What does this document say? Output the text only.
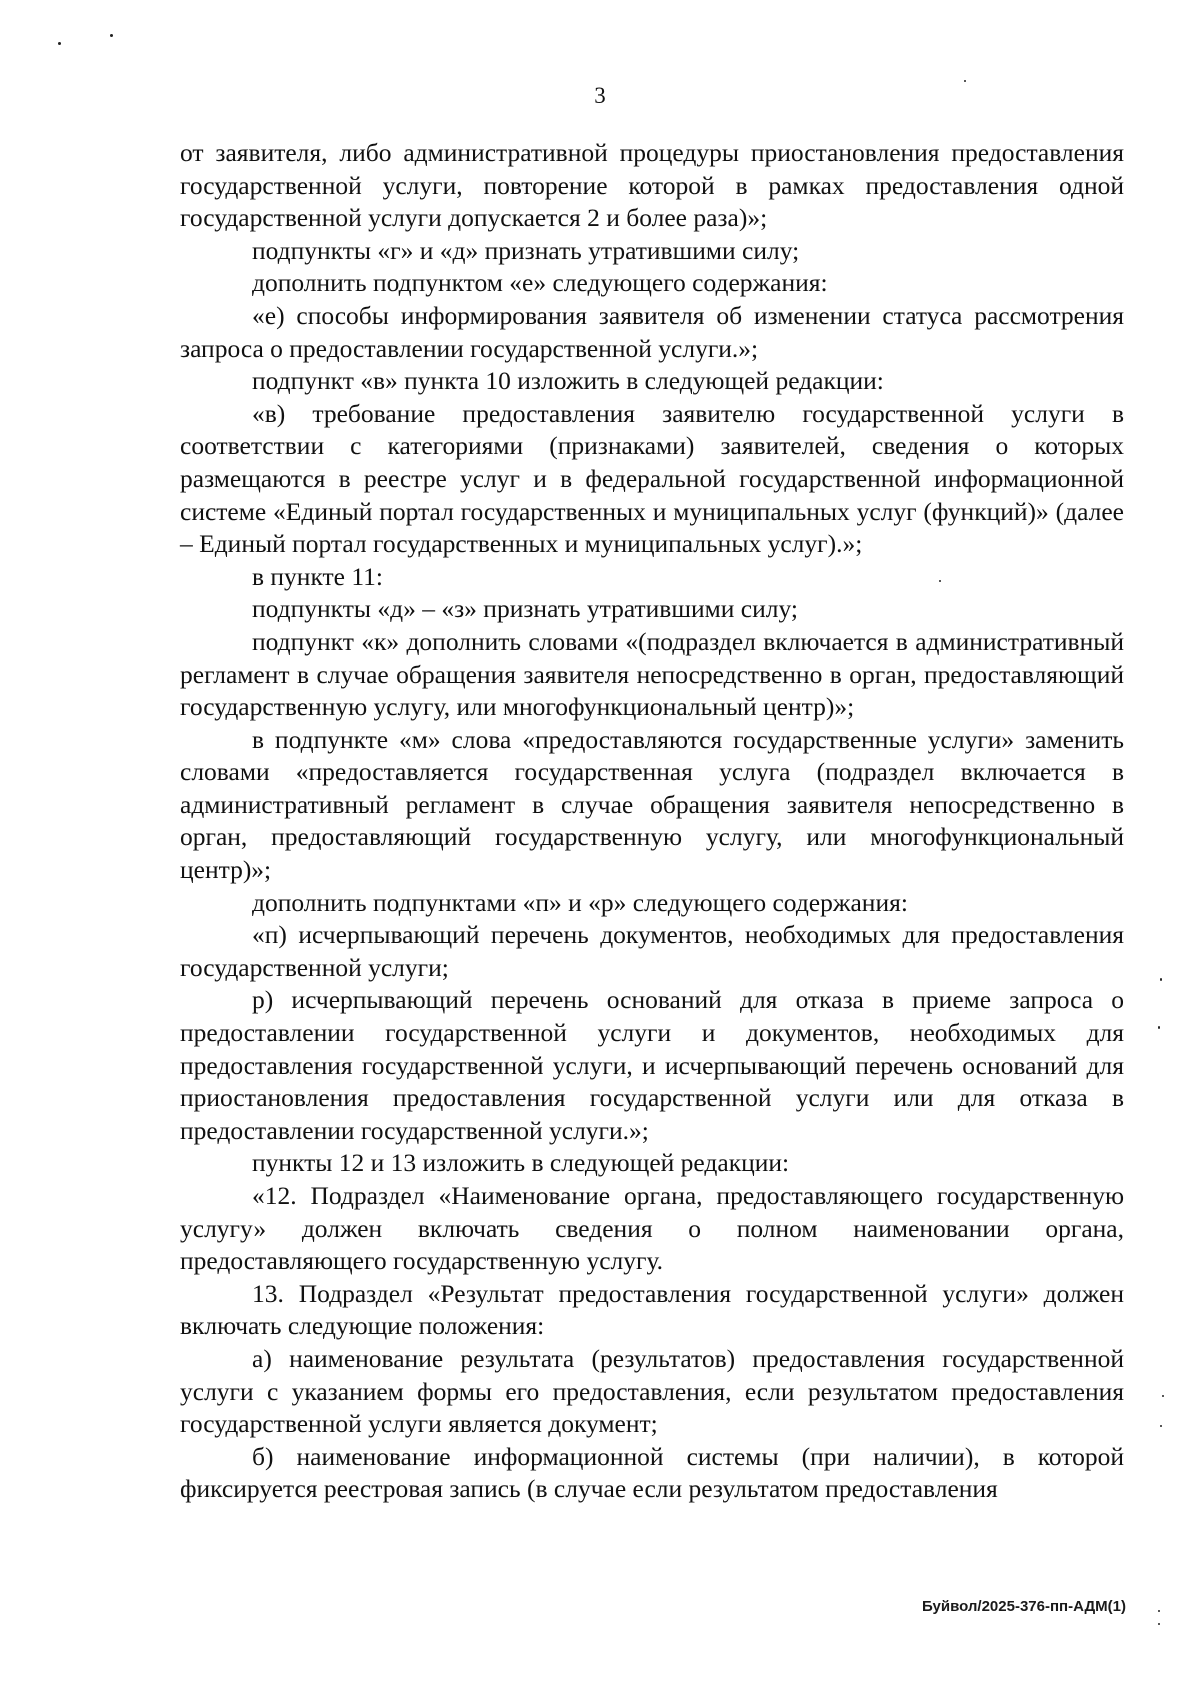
3

от заявителя, либо административной процедуры приостановления предоставления государственной услуги, повторение которой в рамках предоставления одной государственной услуги допускается 2 и более раза)»;

подпункты «г» и «д» признать утратившими силу;

дополнить подпунктом «е» следующего содержания:

«е) способы информирования заявителя об изменении статуса рассмотрения запроса о предоставлении государственной услуги.»;

подпункт «в» пункта 10 изложить в следующей редакции:

«в) требование предоставления заявителю государственной услуги в соответствии с категориями (признаками) заявителей, сведения о которых размещаются в реестре услуг и в федеральной государственной информационной системе «Единый портал государственных и муниципальных услуг (функций)» (далее – Единый портал государственных и муниципальных услуг).»;

в пункте 11:

подпункты «д» – «з» признать утратившими силу;

подпункт «к» дополнить словами «(подраздел включается в административный регламент в случае обращения заявителя непосредственно в орган, предоставляющий государственную услугу, или многофункциональный центр)»;

в подпункте «м» слова «предоставляются государственные услуги» заменить словами «предоставляется государственная услуга (подраздел включается в административный регламент в случае обращения заявителя непосредственно в орган, предоставляющий государственную услугу, или многофункциональный центр)»;

дополнить подпунктами «п» и «р» следующего содержания:

«п) исчерпывающий перечень документов, необходимых для предоставления государственной услуги;

р) исчерпывающий перечень оснований для отказа в приеме запроса о предоставлении государственной услуги и документов, необходимых для предоставления государственной услуги, и исчерпывающий перечень оснований для приостановления предоставления государственной услуги или для отказа в предоставлении государственной услуги.»;

пункты 12 и 13 изложить в следующей редакции:

«12. Подраздел «Наименование органа, предоставляющего государственную услугу» должен включать сведения о полном наименовании органа, предоставляющего государственную услугу.

13. Подраздел «Результат предоставления государственной услуги» должен включать следующие положения:

а) наименование результата (результатов) предоставления государственной услуги с указанием формы его предоставления, если результатом предоставления государственной услуги является документ;

б) наименование информационной системы (при наличии), в которой фиксируется реестровая запись (в случае если результатом предоставления

Буйвол/2025-376-пп-АДМ(1)
